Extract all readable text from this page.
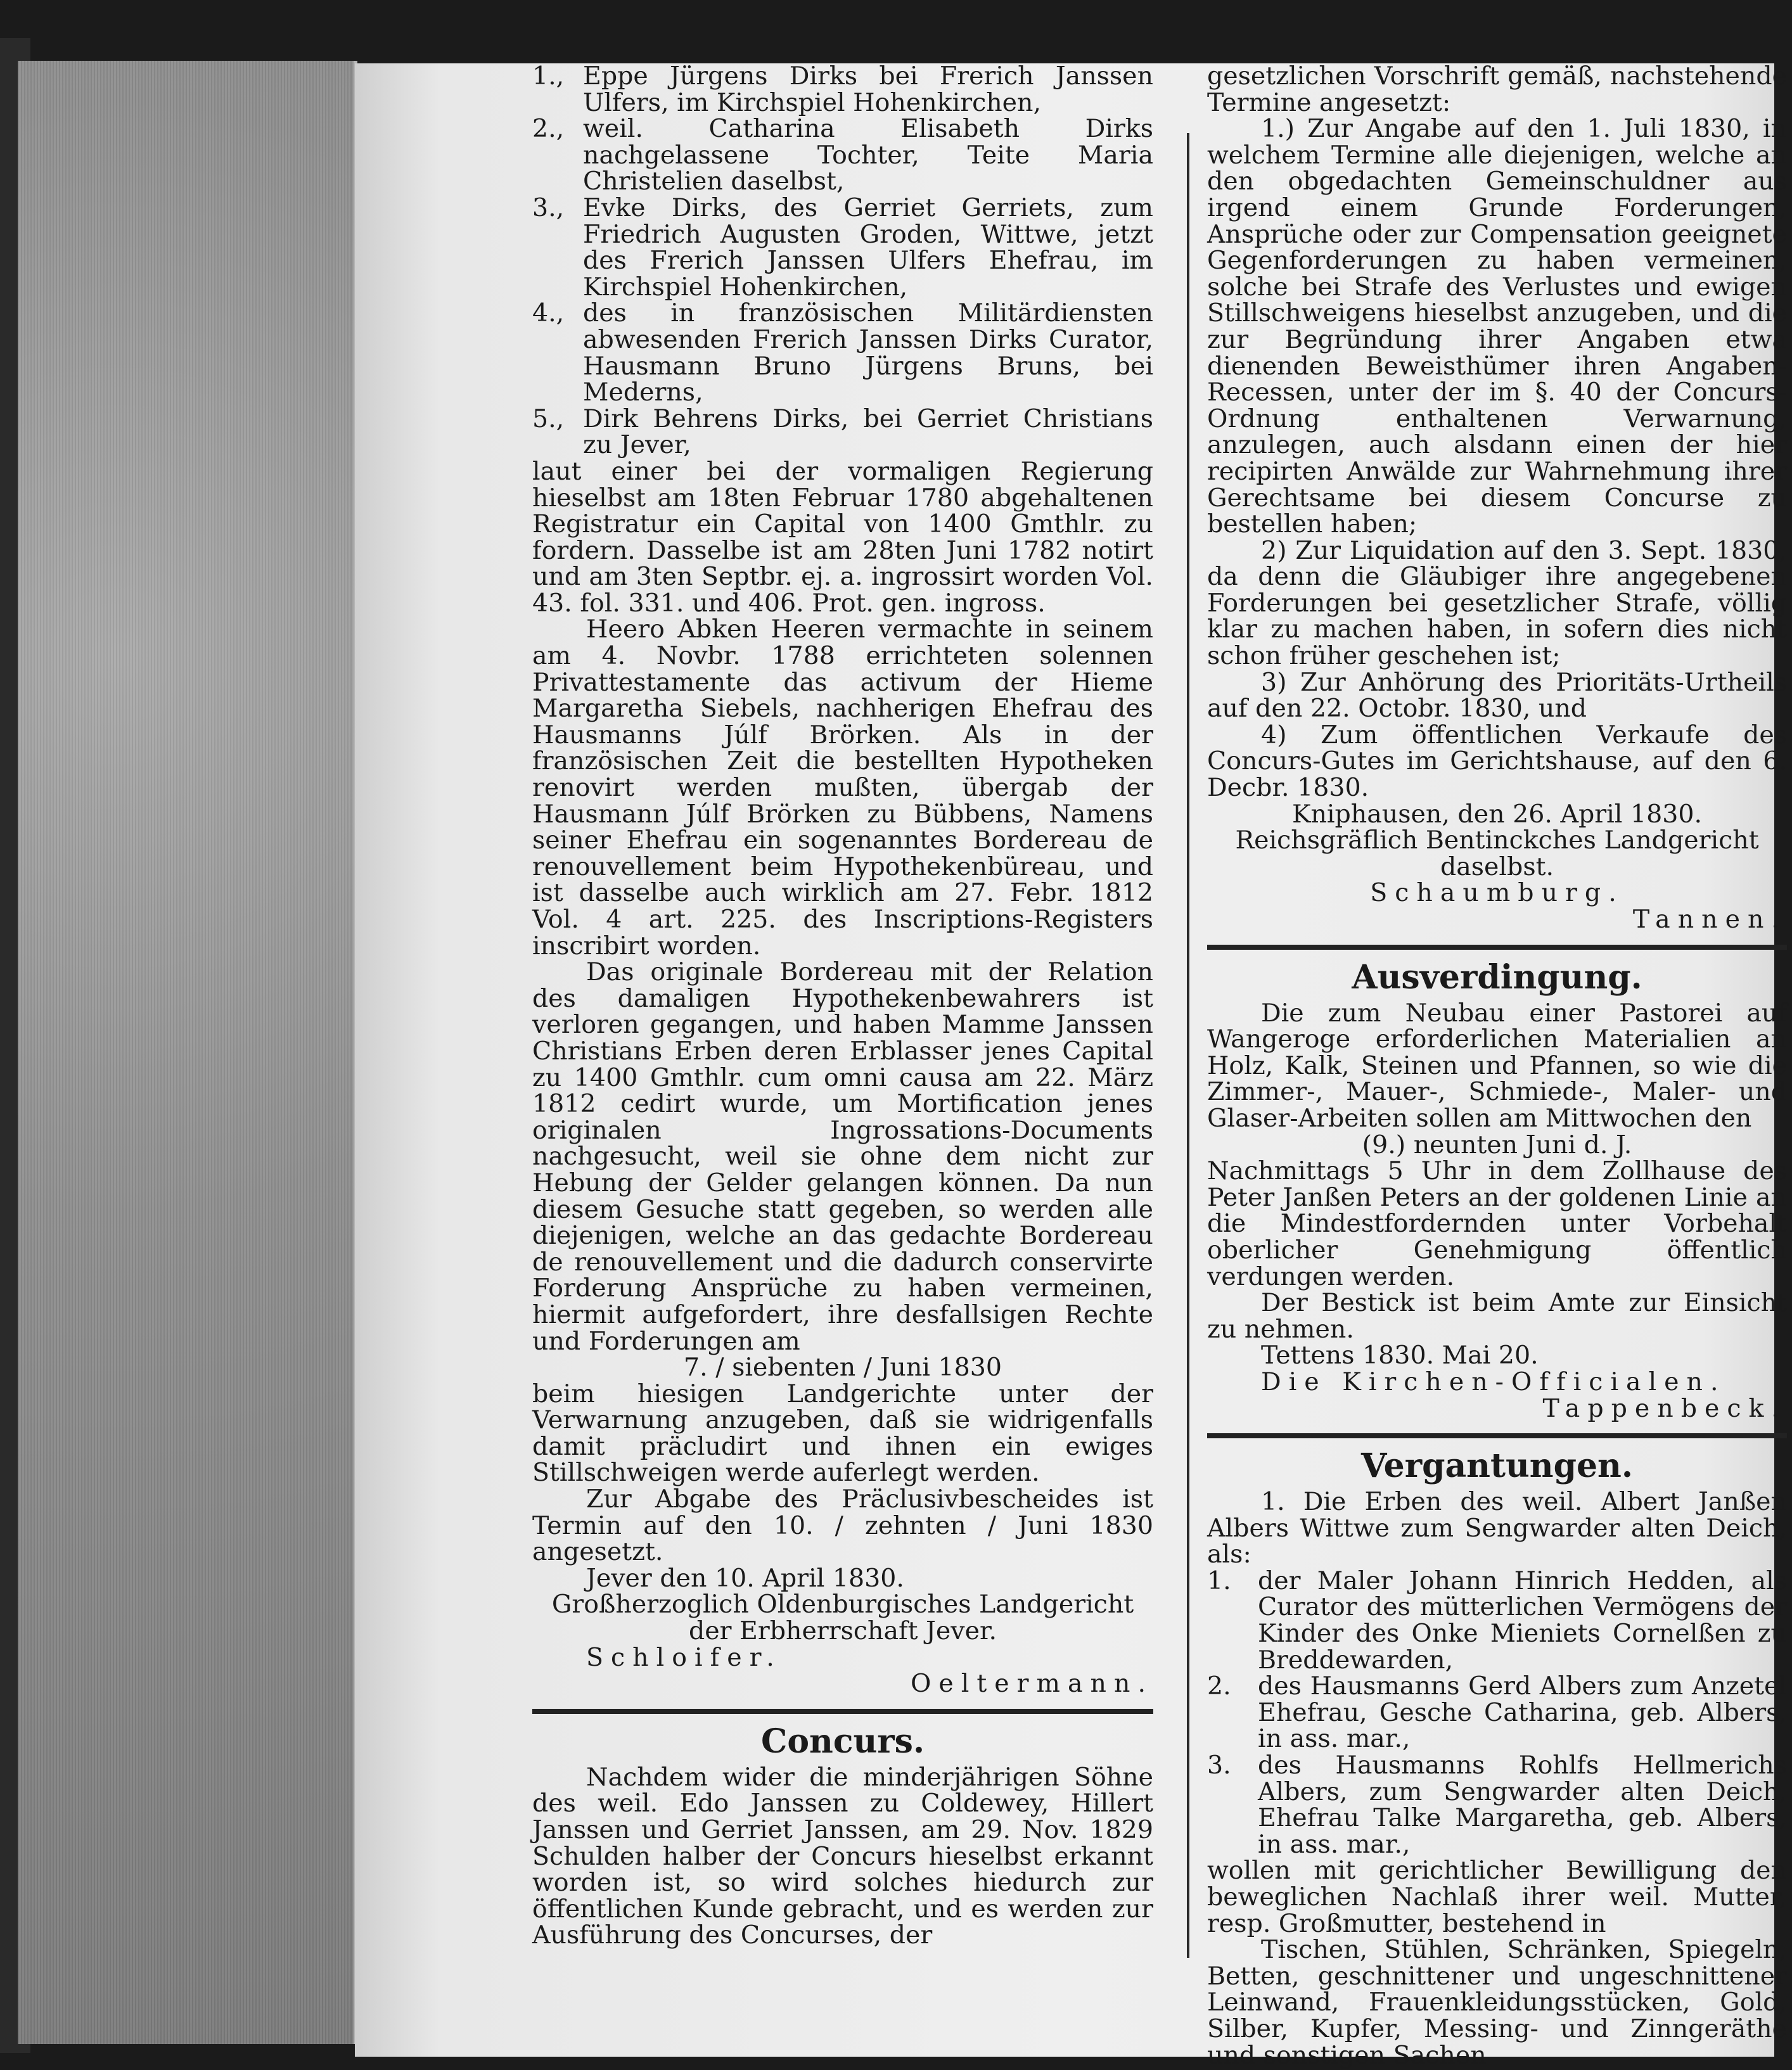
1., Eppe Jürgens Dirks bei Frerich Janssen Ulfers, im Kirchspiel Hohenkirchen,

2., weil. Catharina Elisabeth Dirks nachgelassene Tochter, Teite Maria Christelien daselbst,

3., Evke Dirks, des Gerriet Gerriets, zum Friedrich Augusten Groden, Wittwe, jetzt des Frerich Janssen Ulfers Ehefrau, im Kirchspiel Hohenkirchen,

4., des in französischen Militärdiensten abwesenden Frerich Janssen Dirks Curator, Hausmann Bruno Jürgens Bruns, bei Mederns,

5., Dirk Behrens Dirks, bei Gerriet Christians zu Jever,

laut einer bei der vormaligen Regierung hieselbst am 18ten Februar 1780 abgehaltenen Registratur ein Capital von 1400 Gmthlr. zu fordern. Dasselbe ist am 28ten Juni 1782 notirt und am 3ten Septbr. ej. a. ingrossirt worden Vol. 43. fol. 331. und 406. Prot. gen. ingross.

Heero Abken Heeren vermachte in seinem am 4. Novbr. 1788 errichteten solennen Privattestamente das activum der Hieme Margaretha Siebels, nachherigen Ehefrau des Hausmanns Júlf Brörken. Als in der französischen Zeit die bestellten Hypotheken renovirt werden mußten, übergab der Hausmann Júlf Brörken zu Bübbens, Namens seiner Ehefrau ein sogenanntes Bordereau de renouvellement beim Hypothekenbüreau, und ist dasselbe auch wirklich am 27. Febr. 1812 Vol. 4 art. 225. des Inscriptions-Registers inscribirt worden.

Das originale Bordereau mit der Relation des damaligen Hypothekenbewahrers ist verloren gegangen, und haben Mamme Janssen Christians Erben deren Erblasser jenes Capital zu 1400 Gmthlr. cum omni causa am 22. März 1812 cedirt wurde, um Mortification jenes originalen Ingrossations-Documents nachgesucht, weil sie ohne dem nicht zur Hebung der Gelder gelangen können. Da nun diesem Gesuche statt gegeben, so werden alle diejenigen, welche an das gedachte Bordereau de renouvellement und die dadurch conservirte Forderung Ansprüche zu haben vermeinen, hiermit aufgefordert, ihre desfallsigen Rechte und Forderungen am

7. / siebenten / Juni 1830

beim hiesigen Landgerichte unter der Verwarnung anzugeben, daß sie widrigenfalls damit präcludirt und ihnen ein ewiges Stillschweigen werde auferlegt werden.

Zur Abgabe des Präclusivbescheides ist Termin auf den 10. / zehnten / Juni 1830 angesetzt.

Jever den 10. April 1830.

Großherzoglich Oldenburgisches Landgericht

der Erbherrschaft Jever.

Schloifer.

Oeltermann.

Concurs.

Nachdem wider die minderjährigen Söhne des weil. Edo Janssen zu Coldewey, Hillert Janssen und Gerriet Janssen, am 29. Nov. 1829 Schulden halber der Concurs hieselbst erkannt worden ist, so wird solches hiedurch zur öffentlichen Kunde gebracht, und es werden zur Ausführung des Concurses, der

gesetzlichen Vorschrift gemäß, nachstehende Termine angesetzt:

1.) Zur Angabe auf den 1. Juli 1830, in welchem Termine alle diejenigen, welche an den obgedachten Gemeinschuldner aus irgend einem Grunde Forderungen, Ansprüche oder zur Compensation geeignete Gegenforderungen zu haben vermeinen, solche bei Strafe des Verlustes und ewigen Stillschweigens hieselbst anzugeben, und die zur Begründung ihrer Angaben etwa dienenden Beweisthümer ihren Angaben-Recessen, unter der im §. 40 der Concurs-Ordnung enthaltenen Verwarnung, anzulegen, auch alsdann einen der hier recipirten Anwälde zur Wahrnehmung ihrer Gerechtsame bei diesem Concurse zu bestellen haben;

2) Zur Liquidation auf den 3. Sept. 1830, da denn die Gläubiger ihre angegebenen Forderungen bei gesetzlicher Strafe, völlig klar zu machen haben, in sofern dies nicht schon früher geschehen ist;

3) Zur Anhörung des Prioritäts-Urtheils auf den 22. Octobr. 1830, und

4) Zum öffentlichen Verkaufe des Concurs-Gutes im Gerichtshause, auf den 6. Decbr. 1830.

Kniphausen, den 26. April 1830.

Reichsgräflich Bentinckches Landgericht daselbst.

Schaumburg.

Tannen.

Ausverdingung.

Die zum Neubau einer Pastorei auf Wangeroge erforderlichen Materialien an Holz, Kalk, Steinen und Pfannen, so wie die Zimmer-, Mauer-, Schmiede-, Maler- und Glaser-Arbeiten sollen am Mittwochen den

(9.) neunten Juni d. J.

Nachmittags 5 Uhr in dem Zollhause des Peter Janßen Peters an der goldenen Linie an die Mindestfordernden unter Vorbehalt oberlicher Genehmigung öffentlich verdungen werden.

Der Bestick ist beim Amte zur Einsicht zu nehmen.

Tettens 1830. Mai 20.

Die Kirchen-Officialen.

Tappenbeck.

Vergantungen.

1. Die Erben des weil. Albert Janßen Albers Wittwe zum Sengwarder alten Deich, als:

1.	der Maler Johann Hinrich Hedden, als Curator des mütterlichen Vermögens der Kinder des Onke Mieniets Cornelßen zu Breddewarden,

2.	des Hausmanns Gerd Albers zum Anzetel Ehefrau, Gesche Catharina, geb. Albers, in ass. mar.,

3.	des Hausmanns Rohlfs Hellmerichs Albers, zum Sengwarder alten Deich, Ehefrau Talke Margaretha, geb. Albers, in ass. mar.,

wollen mit gerichtlicher Bewilligung den beweglichen Nachlaß ihrer weil. Mutter, resp. Großmutter, bestehend in

Tischen, Stühlen, Schränken, Spiegeln, Betten, geschnittener und ungeschnittener Leinwand, Frauenkleidungsstücken, Gold, Silber, Kupfer, Messing- und Zinngeräthe und sonstigen Sachen
